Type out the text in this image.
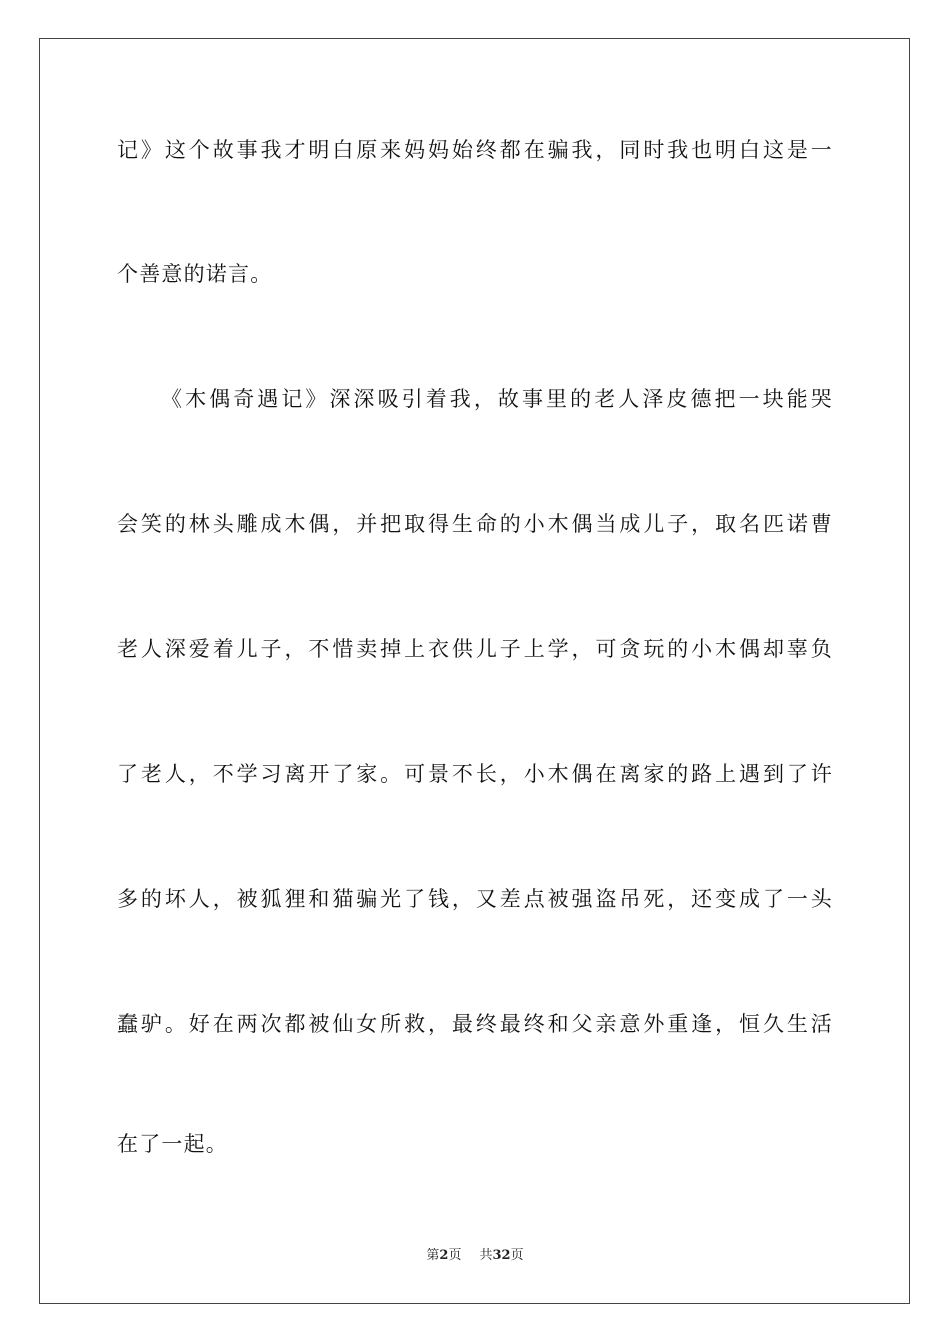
记》这个故事我才明白原来妈妈始终都在骗我，同时我也明白这是一
个善意的诺言。
《木偶奇遇记》深深吸引着我，故事里的老人泽皮德把一块能哭
会笑的林头雕成木偶，并把取得生命的小木偶当成儿子，取名匹诺曹
老人深爱着儿子，不惜卖掉上衣供儿子上学，可贪玩的小木偶却辜负
了老人，不学习离开了家。可景不长，小木偶在离家的路上遇到了许
多的坏人，被狐狸和猫骗光了钱，又差点被强盗吊死，还变成了一头
蠢驴。好在两次都被仙女所救，最终最终和父亲意外重逢，恒久生活
在了一起。
第2页 共32页
